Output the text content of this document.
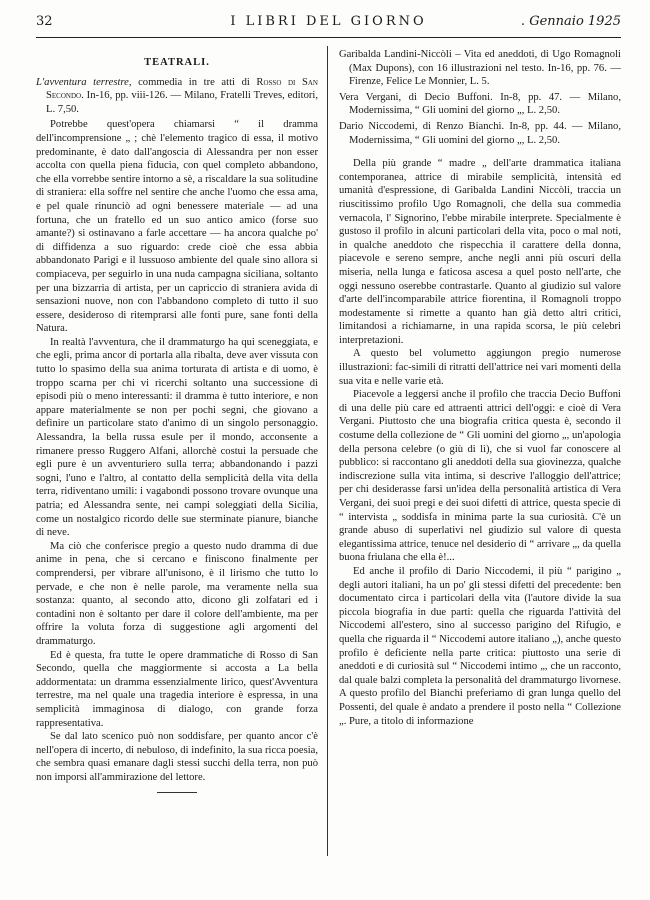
32	I LIBRI DEL GIORNO	. Gennaio 1925
TEATRALI.
L'avventura terrestre, commedia in tre atti di Rosso di San Secondo. In-16, pp. viii-126. — Milano, Fratelli Treves, editori, L. 7,50.

Potrebbe quest'opera chiamarsi “ il dramma dell'incomprensione „ ; chè l'elemento tragico di essa, il motivo predominante, è dato dall'angoscia di Alessandra per non esser accolta con quella piena fiducia, con quel completo abbandono, che ella vorrebbe sentire intorno a sè, a riscaldare la sua solitudine di straniera: ella soffre nel sentire che anche l'uomo che essa ama, e pel quale rinunciò ad ogni benessere materiale — ad una fortuna, che un fratello ed un suo antico amico (forse suo amante?) si ostinavano a farle accettare — ha ancora qualche po' di diffidenza a suo riguardo: crede cioè che essa abbia abbandonato Parigi e il lussuoso ambiente del quale sino allora si compiaceva, per seguirlo in una nuda campagna siciliana, soltanto per una bizzarria di artista, per un capriccio di straniera avida di sensazioni nuove, non con l'abbandono completo di tutto il suo essere, desideroso di ritemprarsi alle fonti pure, sane fonti della Natura.

In realtà l'avventura, che il drammaturgo ha qui sceneggiata, e che egli, prima ancor di portarla alla ribalta, deve aver vissuta con tutto lo spasimo della sua anima torturata di artista e di uomo, è troppo scarna per chi vi ricerchi soltanto una successione di episodi più o meno interessanti: il dramma è tutto interiore, e non appare materialmente se non per pochi segni, che giovano a definire un particolare stato d'animo di un singolo personaggio. Alessandra, la bella russa esule per il mondo, acconsente a rimanere presso Ruggero Alfani, allorchè costui la persuade che egli pure è un avventuriero sulla terra; abbandonando i pazzi sogni, l'uno e l'altro, al contatto della semplicità della vita della terra, ridiventano umili: i vagabondi possono trovare ovunque una patria; ed Alessandra sente, nei campi soleggiati della Sicilia, come un nostalgico ricordo delle sue sterminate pianure, bianche di neve.

Ma ciò che conferisce pregio a questo nudo dramma di due anime in pena, che si cercano e finiscono finalmente per comprendersi, per vibrare all'unisono, è il lirismo che tutto lo pervade, e che non è nelle parole, ma veramente nella sua sostanza: quanto, al secondo atto, dicono gli zolfatari ed i contadini non è soltanto per dare il colore dell'ambiente, ma per offrire la voluta forza di suggestione agli argomenti del drammaturgo.

Ed è questa, fra tutte le opere drammatiche di Rosso di San Secondo, quella che maggiormente si accosta a La bella addormentata: un dramma essenzialmente lirico, quest'Avventura terrestre, ma nel quale una tragedia interiore è espressa, in una semplicità immaginosa di dialogo, con grande forza rappresentativa.

Se dal lato scenico può non soddisfare, per quanto ancor c'è nell'opera di incerto, di nebuloso, di indefinito, la sua ricca poesia, che sembra quasi emanare dagli stessi succhi della terra, non può non imporsi all'ammirazione del lettore.

Garibalda Landini-Niccòli – Vita ed aneddoti, di Ugo Romagnoli (Max Dupons), con 16 illustrazioni nel testo. In-16, pp. 76. — Firenze, Felice Le Monnier, L. 5.
Vera Vergani, di Decio Buffoni. In-8, pp. 47. — Milano, Modernissima, “ Gli uomini del giorno „, L. 2,50.
Dario Niccodemi, di Renzo Bianchi. In-8, pp. 44. — Milano, Modernissima, “ Gli uomini del giorno „, L. 2,50.

Della più grande “ madre „ dell'arte drammatica italiana contemporanea, attrice di mirabile semplicità, intensità ed umanità d'espressione, di Garibalda Landini Niccòli, traccia un riuscitissimo profilo Ugo Romagnoli, che della sua commedia vernacola, l' Signorino, l'ebbe mirabile interprete. Specialmente è gustoso il profilo in alcuni particolari della vita, poco o mal noti, in qualche aneddoto che rispecchia il carattere della donna, piacevole e sereno sempre, anche negli anni più oscuri della miseria, nella lunga e faticosa ascesa a quel posto nell'arte, che oggi nessuno oserebbe contrastarle. Quanto al giudizio sul valore d'arte dell'incomparabile attrice fiorentina, il Romagnoli troppo modestamente si rimette a quanto han già detto altri critici, limitandosi a richiamarne, in una rapida scorsa, le più celebri interpretazioni.

A questo bel volumetto aggiungon pregio numerose illustrazioni: fac-simili di ritratti dell'attrice nei vari momenti della sua vita e nelle varie età.

Piacevole a leggersi anche il profilo che traccia Decio Buffoni di una delle più care ed attraenti attrici dell'oggi: e cioè di Vera Vergani. Piuttosto che una biografia critica questa è, secondo il costume della collezione de “ Gli uomini del giorno „, un'apologia della persona celebre (o giù di lì), che si vuol far conoscere al pubblico: si raccontano gli aneddoti della sua giovinezza, qualche indiscrezione sulla vita intima, si descrive l'alloggio dell'attrice; per chi desiderasse farsi un'idea della personalità artistica di Vera Vergani, dei suoi pregi e dei suoi difetti di attrice, questa specie di “ intervista „ soddisfa in minima parte la sua curiosità. C'è un grande abuso di superlativi nel giudizio sul valore di questa elegantissima attrice, tenuce nel desiderio di “ arrivare „, da quella buona friulana che ella è!...

Ed anche il profilo di Dario Niccodemi, il più “ parigino „ degli autori italiani, ha un po' gli stessi difetti del precedente: ben documentato circa i particolari della vita (l'autore divide la sua piccola biografia in due parti: quella che riguarda l'attività del Niccodemi all'estero, sino al successo parigino del Rifugio, e quella che riguarda il “ Niccodemi autore italiano „), anche questo profilo è deficiente nella parte critica: piuttosto una serie di aneddoti e di curiosità sul “ Niccodemi intimo „, che un racconto, dal quale balzi completa la personalità del drammaturgo livornese. A questo profilo del Bianchi preferiamo di gran lunga quello del Possenti, del quale è andato a prendere il posto nella “ Collezione „. Pure, a titolo di informazione
